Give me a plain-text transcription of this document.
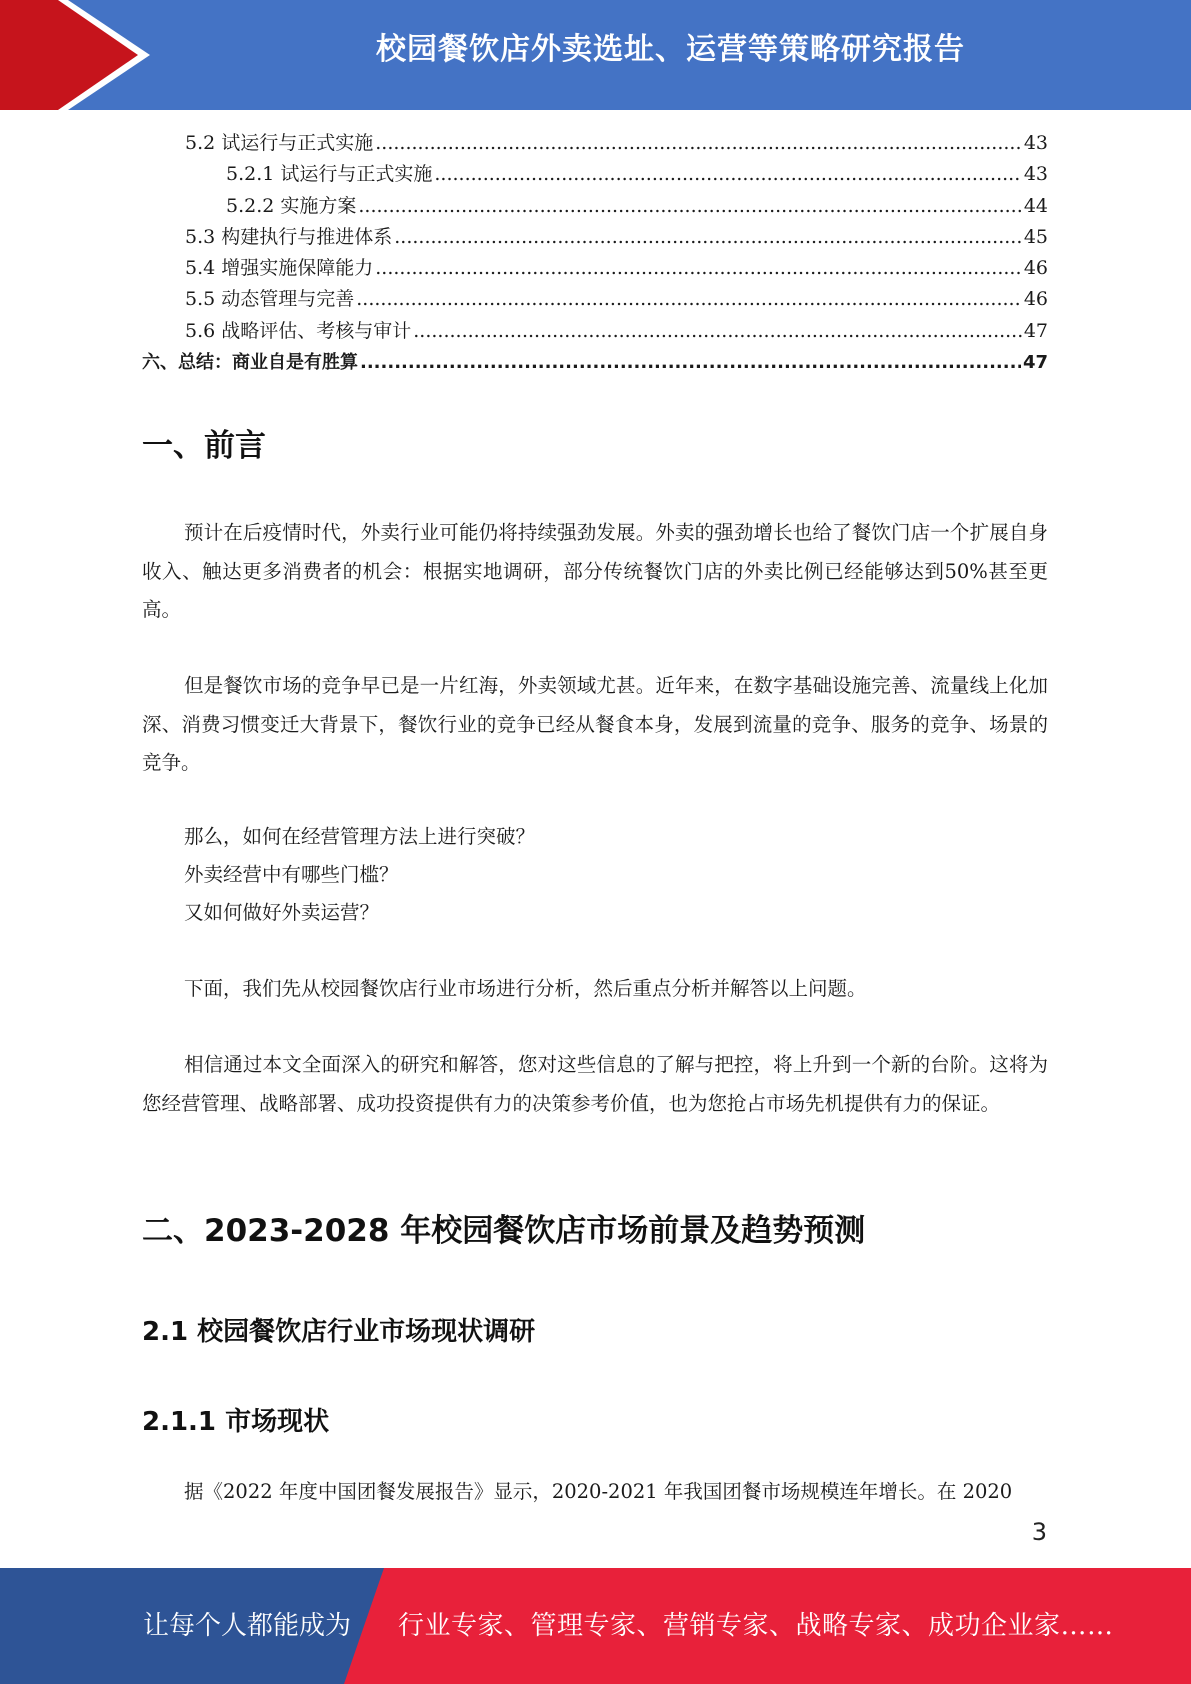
校园餐饮店外卖选址、运营等策略研究报告
5.2 试运行与正式实施 .....	43
5.2.1 试运行与正式实施 .....	43
5.2.2 实施方案 .....	44
5.3 构建执行与推进体系 .....	45
5.4 增强实施保障能力 .....	46
5.5 动态管理与完善 .....	46
5.6 战略评估、考核与审计 .....	47
六、总结：商业自是有胜算 .....	47
一、前言
预计在后疫情时代，外卖行业可能仍将持续强劲发展。外卖的强劲增长也给了餐饮门店一个扩展自身收入、触达更多消费者的机会：根据实地调研，部分传统餐饮门店的外卖比例已经能够达到50%甚至更高。
但是餐饮市场的竞争早已是一片红海，外卖领域尤甚。近年来，在数字基础设施完善、流量线上化加深、消费习惯变迁大背景下，餐饮行业的竞争已经从餐食本身，发展到流量的竞争、服务的竞争、场景的竞争。
那么，如何在经营管理方法上进行突破？
外卖经营中有哪些门槛？
又如何做好外卖运营？
下面，我们先从校园餐饮店行业市场进行分析，然后重点分析并解答以上问题。
相信通过本文全面深入的研究和解答，您对这些信息的了解与把控，将上升到一个新的台阶。这将为您经营管理、战略部署、成功投资提供有力的决策参考价值，也为您抢占市场先机提供有力的保证。
二、2023-2028 年校园餐饮店市场前景及趋势预测
2.1 校园餐饮店行业市场现状调研
2.1.1 市场现状
据《2022 年度中国团餐发展报告》显示，2020-2021 年我国团餐市场规模连年增长。在 2020
3
让每个人都能成为 行业专家、管理专家、营销专家、战略专家、成功企业家……
